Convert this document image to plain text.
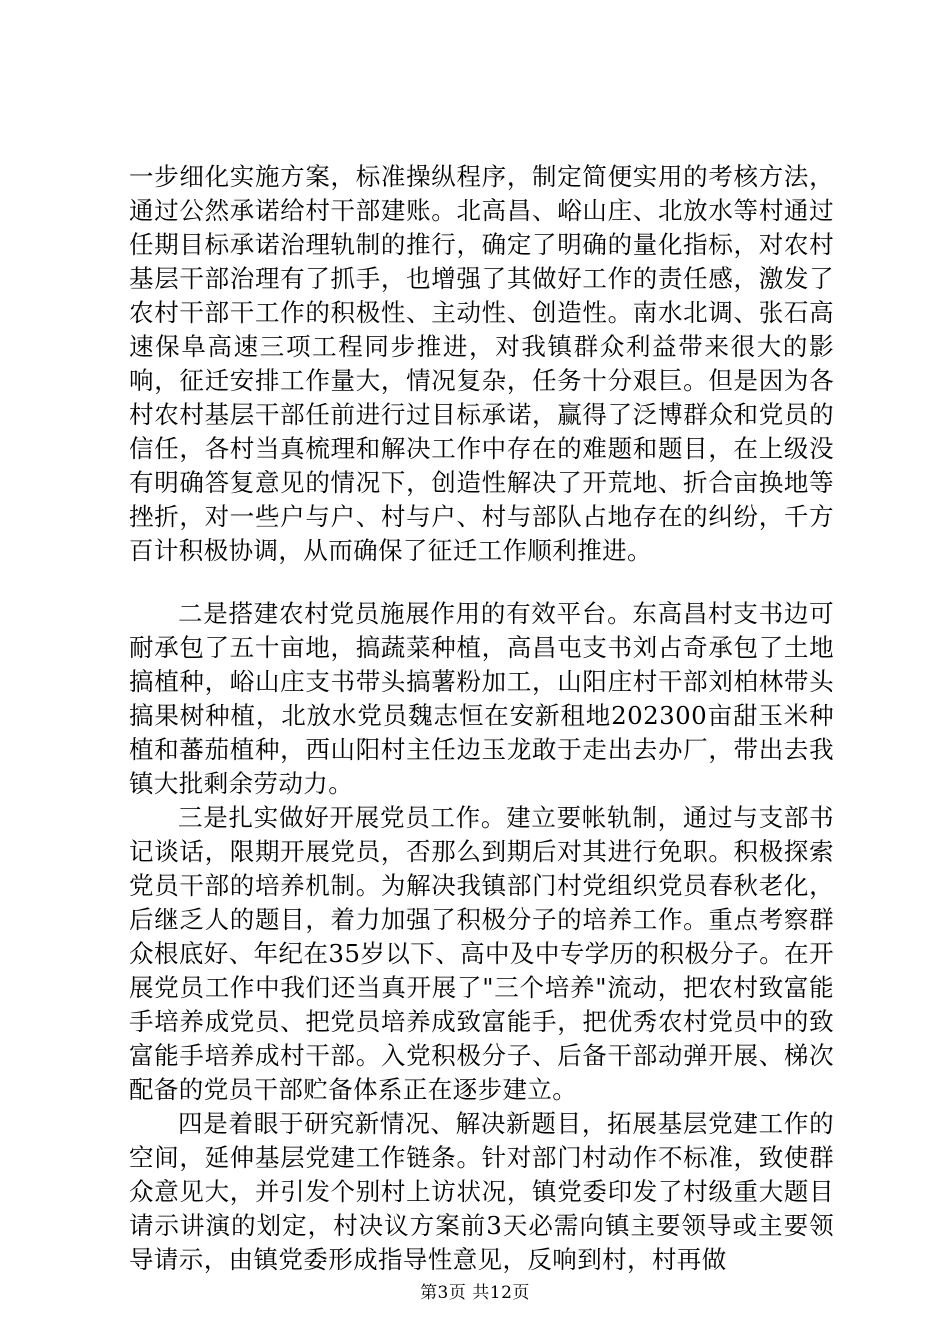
一步细化实施方案，标准操纵程序，制定简便实用的考核方法，通过公然承诺给村干部建账。北高昌、峪山庄、北放水等村通过任期目标承诺治理轨制的推行，确定了明确的量化指标，对农村基层干部治理有了抓手，也增强了其做好工作的责任感，激发了农村干部干工作的积极性、主动性、创造性。南水北调、张石高速保阜高速三项工程同步推进，对我镇群众利益带来很大的影响，征迁安排工作量大，情况复杂，任务十分艰巨。但是因为各村农村基层干部任前进行过目标承诺，赢得了泛博群众和党员的信任，各村当真梳理和解决工作中存在的难题和题目，在上级没有明确答复意见的情况下，创造性解决了开荒地、折合亩换地等挫折，对一些户与户、村与户、村与部队占地存在的纠纷，千方百计积极协调，从而确保了征迁工作顺利推进。

二是搭建农村党员施展作用的有效平台。东高昌村支书边可耐承包了五十亩地，搞蔬菜种植，高昌屯支书刘占奇承包了土地搞植种，峪山庄支书带头搞薯粉加工，山阳庄村干部刘柏林带头搞果树种植，北放水党员魏志恒在安新租地202300亩甜玉米种植和蕃茄植种，西山阳村主任边玉龙敢于走出去办厂，带出去我镇大批剩余劳动力。

三是扎实做好开展党员工作。建立要帐轨制，通过与支部书记谈话，限期开展党员，否那么到期后对其进行免职。积极探索党员干部的培养机制。为解决我镇部门村党组织党员春秋老化，后继乏人的题目，着力加强了积极分子的培养工作。重点考察群众根底好、年纪在35岁以下、高中及中专学历的积极分子。在开展党员工作中我们还当真开展了"三个培养"流动，把农村致富能手培养成党员、把党员培养成致富能手，把优秀农村党员中的致富能手培养成村干部。入党积极分子、后备干部动弹开展、梯次配备的党员干部贮备体系正在逐步建立。

四是着眼于研究新情况、解决新题目，拓展基层党建工作的空间，延伸基层党建工作链条。针对部门村动作不标准，致使群众意见大，并引发个别村上访状况，镇党委印发了村级重大题目请示讲演的划定，村决议方案前3天必需向镇主要领导或主要领导请示，由镇党委形成指导性意见，反响到村，村再做

第3页 共12页
